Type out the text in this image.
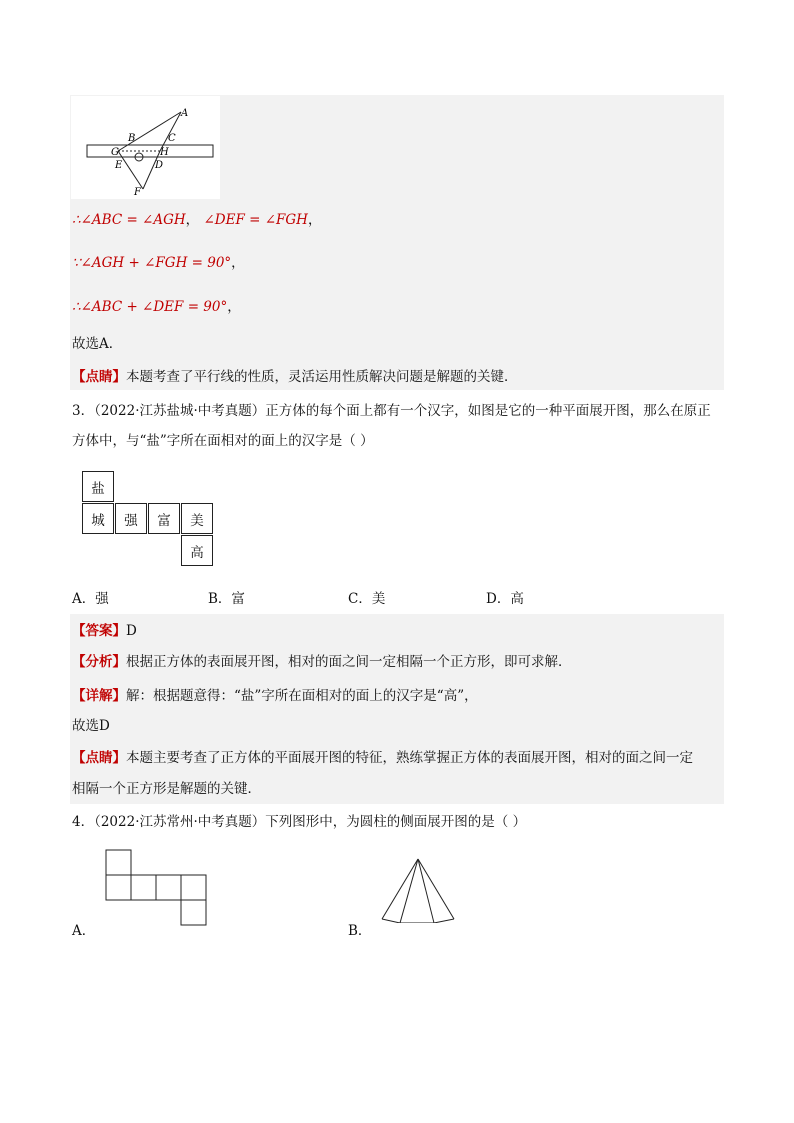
A
B	C
G	H
E	D
F
∴∠ABC = ∠AGH， ∠DEF = ∠FGH，
∵∠AGH + ∠FGH = 90°，
∴∠ABC + ∠DEF = 90°，
故选A．
【点睛】本题考查了平行线的性质，灵活运用性质解决问题是解题的关键．
3．（2022·江苏盐城·中考真题）正方体的每个面上都有一个汉字，如图是它的一种平面展开图，那么在原正
方体中，与“盐”字所在面相对的面上的汉字是（ ）
盐
城	强	富	美
高
A．强	B．富	C．美	D．高
【答案】D
【分析】根据正方体的表面展开图，相对的面之间一定相隔一个正方形，即可求解．
【详解】解：根据题意得：“盐”字所在面相对的面上的汉字是“高”，
故选D
【点睛】本题主要考查了正方体的平面展开图的特征，熟练掌握正方体的表面展开图，相对的面之间一定
相隔一个正方形是解题的关键．
4．（2022·江苏常州·中考真题）下列图形中，为圆柱的侧面展开图的是（ ）
A．	B．
